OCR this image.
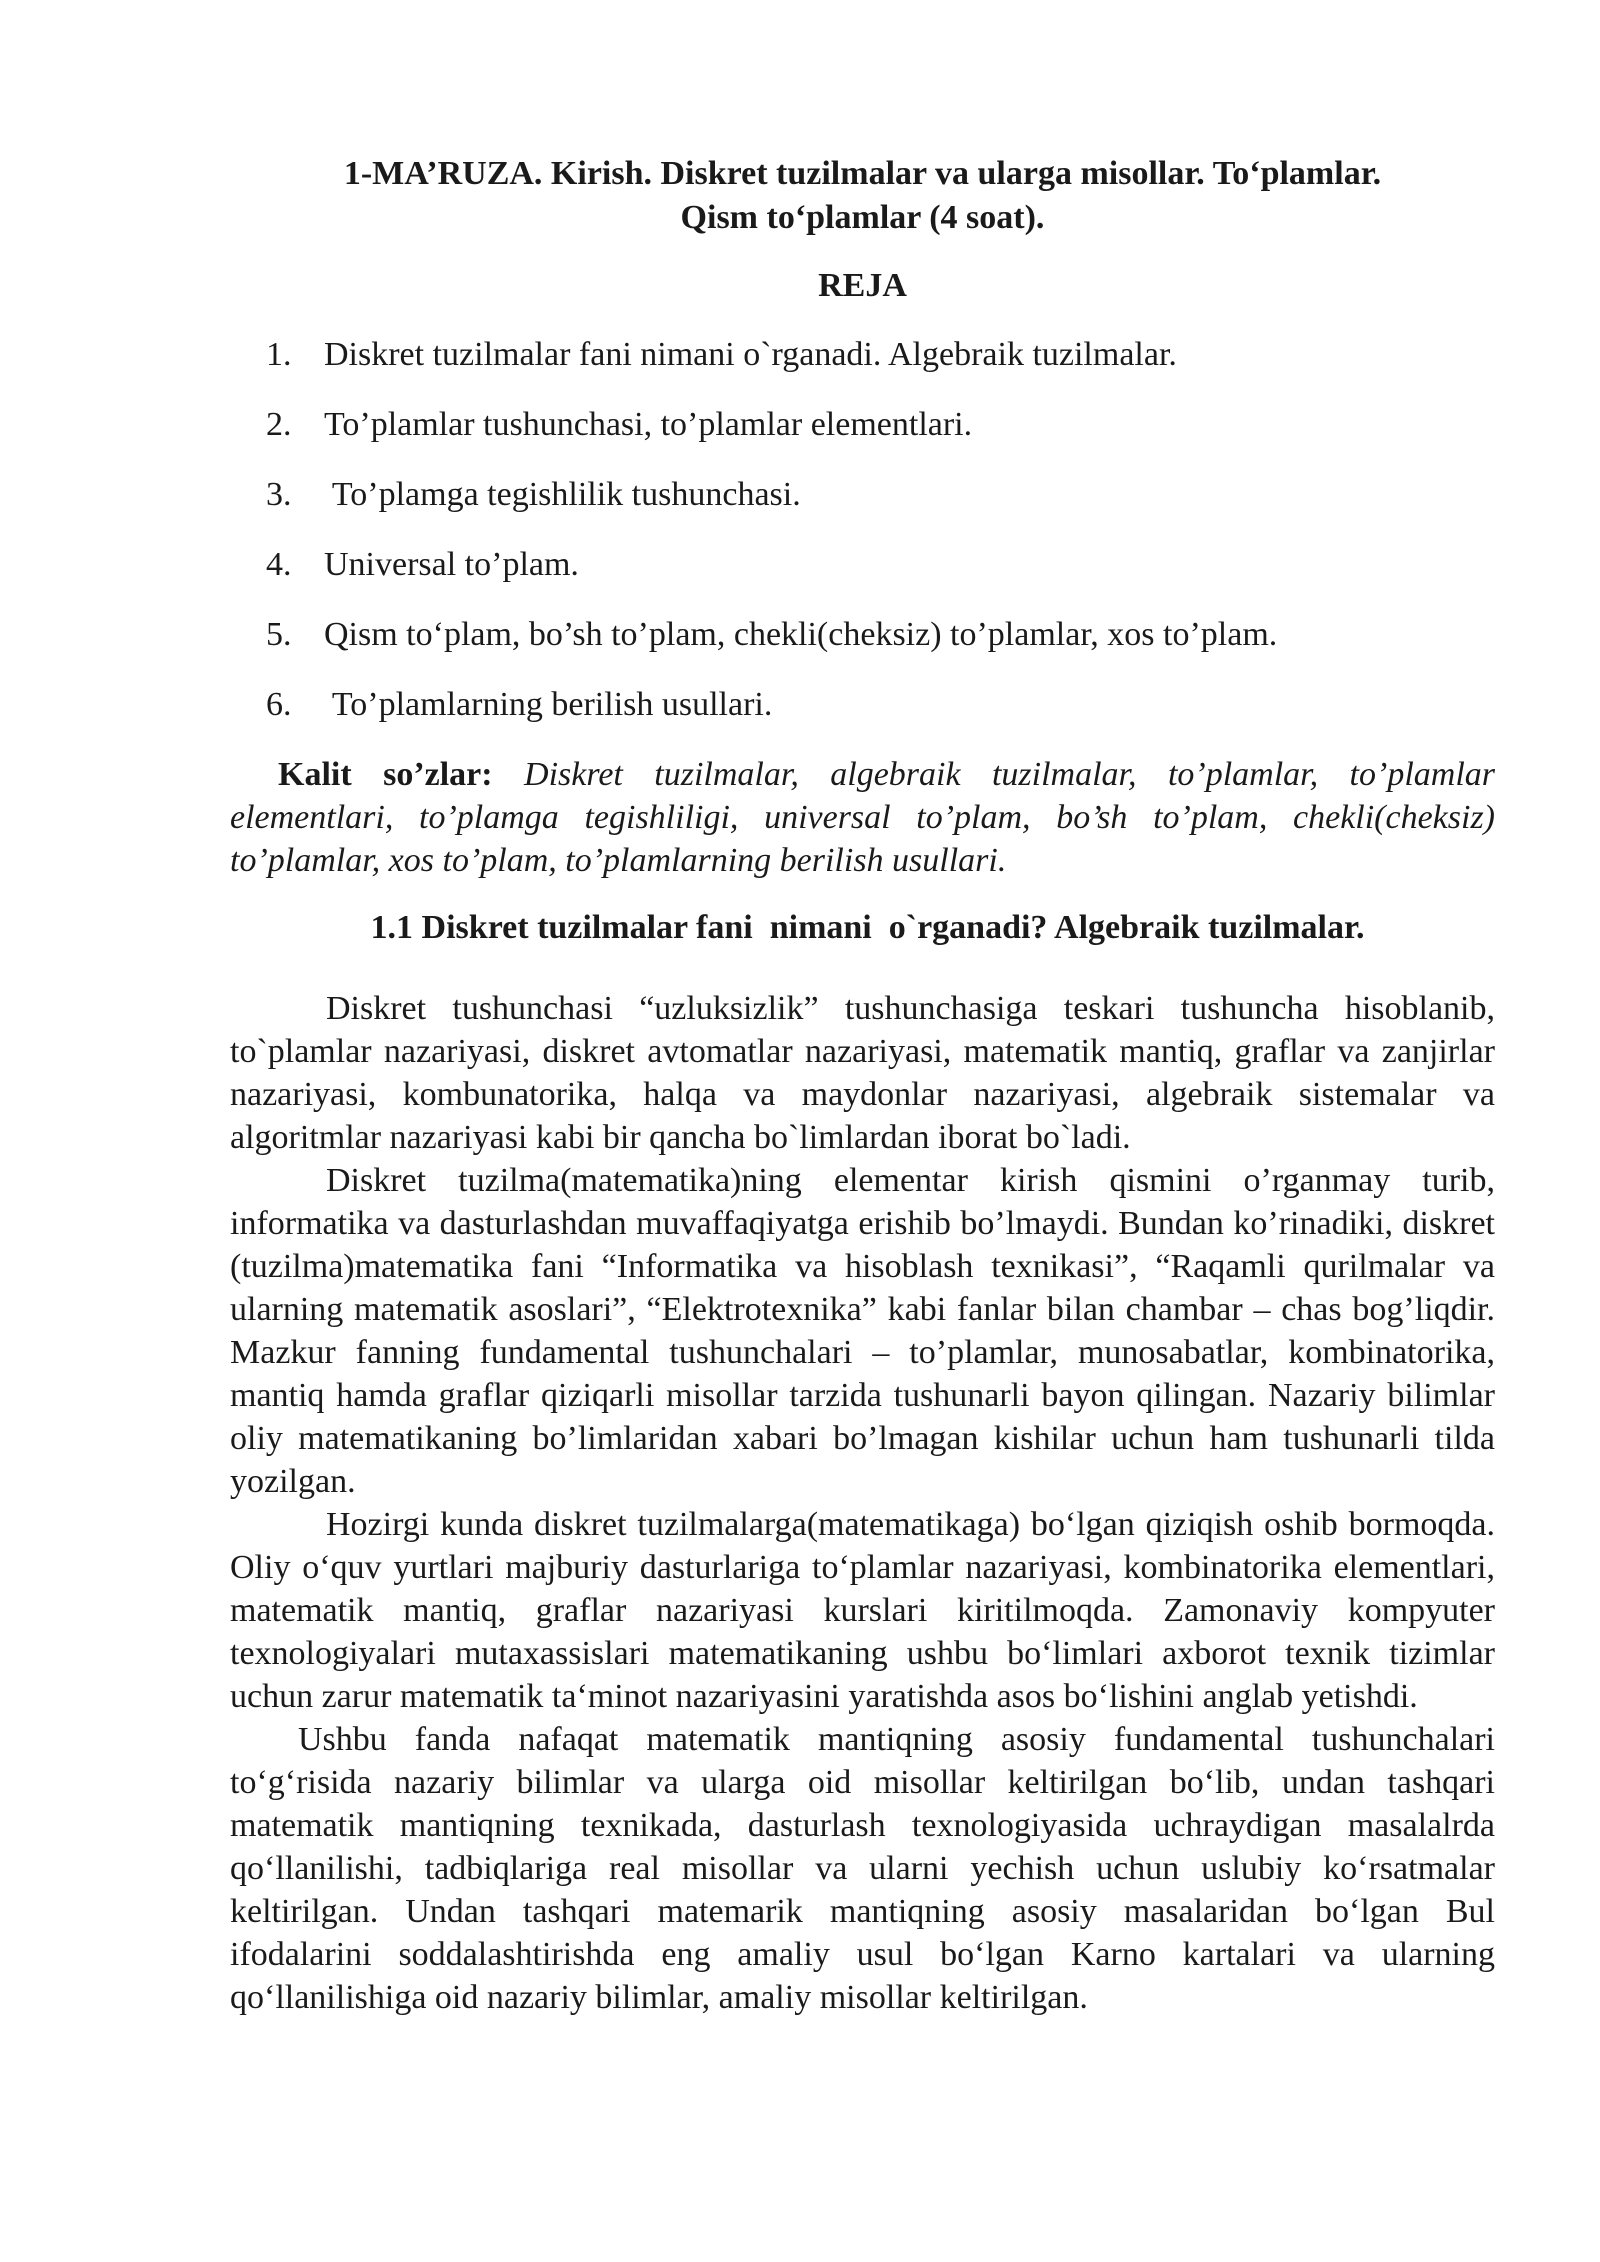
1-MA’RUZA. Kirish. Diskret tuzilmalar va ularga misollar. To‘plamlar.
Qism to‘plamlar (4 soat).

REJA

1. Diskret tuzilmalar fani nimani o`rganadi. Algebraik tuzilmalar.
2. To’plamlar tushunchasi, to’plamlar elementlari.
3. To’plamga tegishlilik tushunchasi.
4. Universal to’plam.
5. Qism to‘plam, bo’sh to’plam, chekli(cheksiz) to’plamlar, xos to’plam.
6. To’plamlarning berilish usullari.

Kalit so’zlar: Diskret tuzilmalar, algebraik tuzilmalar, to’plamlar, to’plamlar elementlari, to’plamga tegishliligi, universal to’plam, bo’sh to’plam, chekli(cheksiz) to’plamlar, xos to’plam, to’plamlarning berilish usullari.

1.1 Diskret tuzilmalar fani  nimani  o`rganadi? Algebraik tuzilmalar.

Diskret tushunchasi “uzluksizlik” tushunchasiga teskari tushuncha hisoblanib, to`plamlar nazariyasi, diskret avtomatlar nazariyasi, matematik mantiq, graflar va zanjirlar nazariyasi, kombunatorika, halqa va maydonlar nazariyasi, algebraik sistemalar va algoritmlar nazariyasi kabi bir qancha bo`limlardan iborat bo`ladi.

Diskret tuzilma(matematika)ning elementar kirish qismini o’rganmay turib, informatika va dasturlashdan muvaffaqiyatga erishib bo’lmaydi. Bundan ko’rinadiki, diskret (tuzilma)matematika fani “Informatika va hisoblash texnikasi”, “Raqamli qurilmalar va ularning matematik asoslari”, “Elektrotexnika” kabi fanlar bilan chambar – chas bog’liqdir. Mazkur fanning fundamental tushunchalari – to’plamlar, munosabatlar, kombinatorika, mantiq hamda graflar qiziqarli misollar tarzida tushunarli bayon qilingan. Nazariy bilimlar oliy matematikaning bo’limlaridan xabari bo’lmagan kishilar uchun ham tushunarli tilda yozilgan.

Hozirgi kunda diskret tuzilmalarga(matematikaga) bo‘lgan qiziqish oshib bormoqda. Oliy o‘quv yurtlari majburiy dasturlariga to‘plamlar nazariyasi, kombinatorika elementlari, matematik mantiq, graflar nazariyasi kurslari kiritilmoqda. Zamonaviy kompyuter texnologiyalari mutaxassislari matematikaning ushbu bo‘limlari axborot texnik tizimlar uchun zarur matematik ta‘minot nazariyasini yaratishda asos bo‘lishini anglab yetishdi.

Ushbu fanda nafaqat matematik mantiqning asosiy fundamental tushunchalari to‘g‘risida nazariy bilimlar va ularga oid misollar keltirilgan bo‘lib, undan tashqari matematik mantiqning texnikada, dasturlash texnologiyasida uchraydigan masalalrda qo‘llanilishi, tadbiqlariga real misollar va ularni yechish uchun uslubiy ko‘rsatmalar keltirilgan. Undan tashqari matemarik mantiqning asosiy masalaridan bo‘lgan Bul ifodalarini soddalashtirishda eng amaliy usul bo‘lgan Karno kartalari va ularning qo‘llanilishiga oid nazariy bilimlar, amaliy misollar keltirilgan.
